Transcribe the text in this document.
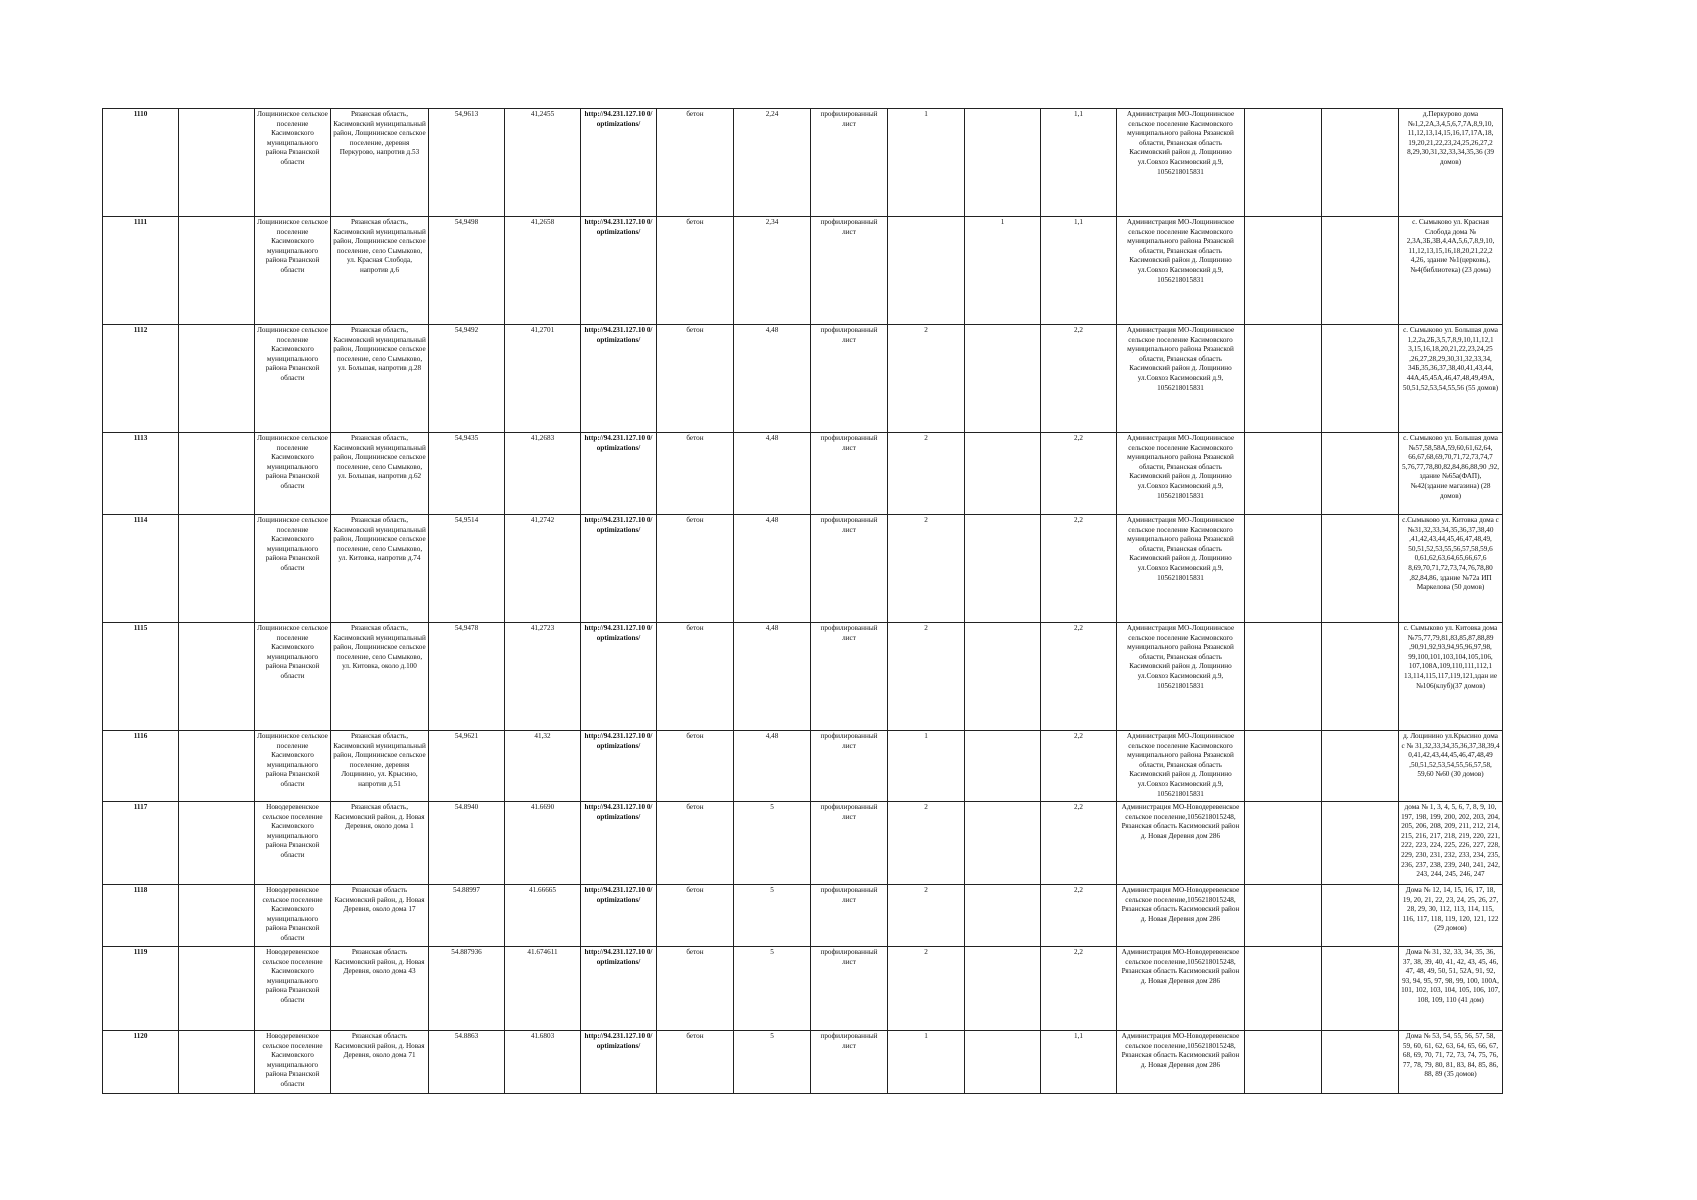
1110		Лощининское сельское поселение Касимовского муниципального района Рязанской области	Рязанская область, Касимовский муниципальный район, Лощининское сельское поселение, деревня Перкурово, напротив д.53	54,9613	41,2455	http://94.231.127.10 0/optimizations/	бетон	2,24	профилированный лист	1		1,1	Администрация МО-Лощининское сельское поселение Касимовского муниципального района Рязанской области, Рязанская область Касимовский район д. Лощинино ул.Совхоз Касимовский д.9, 1056218015831			д.Перкурово дома №1,2,2А,3,4,5,6,7,7А,8,9,10, 11,12,13,14,15,16,17,17А,18, 19,20,21,22,23,24,25,26,27,2 8,29,30,31,32,33,34,35,36 (39 домов)
1111		Лощининское сельское поселение Касимовского муниципального района Рязанской области	Рязанская область, Касимовский муниципальный район, Лощининское сельское поселение, село Сымыково, ул. Красная Слобода, напротив д.6	54,9498	41,2658	http://94.231.127.10 0/optimizations/	бетон	2,34	профилированный лист		1	1,1	Администрация МО-Лощининское сельское поселение Касимовского муниципального района Рязанской области, Рязанская область Касимовский район д. Лощинино ул.Совхоз Касимовский д.9, 1056218015831			с. Сымыково ул. Красная Слобода дома № 2,3А,3Б,3В,4,4А,5,6,7,8,9,10, 11,12,13,15,16,18,20,21,22,2 4,26, здание №1(церковь),№4(библиотека) (23 дома)
1112		Лощининское сельское поселение Касимовского муниципального района Рязанской области	Рязанская область, Касимовский муниципальный район, Лощининское сельское поселение, село Сымыково, ул. Большая, напротив д.28	54,9492	41,2701	http://94.231.127.10 0/optimizations/	бетон	4,48	профилированный лист	2		2,2	Администрация МО-Лощининское сельское поселение Касимовского муниципального района Рязанской области, Рязанская область Касимовский район д. Лощинино ул.Совхоз Касимовский д.9, 1056218015831			с. Сымыково ул. Большая дома 1,2,2а,2Б,3,5,7,8,9,10,11,12,1 3,15,16,18,20,21,22,23,24,25 ,26,27,28,29,30,31,32,33,34, 34Б,35,36,37,38,40,41,43,44, 44А,45,45А,46,47,48,49,49А, 50,51,52,53,54,55,56 (55 домов)
1113		Лощининское сельское поселение Касимовского муниципального района Рязанской области	Рязанская область, Касимовский муниципальный район, Лощининское сельское поселение, село Сымыково, ул. Большая, напротив д.62	54,9435	41,2683	http://94.231.127.10 0/optimizations/	бетон	4,48	профилированный лист	2		2,2	Администрация МО-Лощининское сельское поселение Касимовского муниципального района Рязанской области, Рязанская область Касимовский район д. Лощинино ул.Совхоз Касимовский д.9, 1056218015831			с. Сымыково ул. Большая дома №57,58,58А,59,60,61,62,64, 66,67,68,69,70,71,72,73,74,7 5,76,77,78,80,82,84,86,88,90 ,92, здание №65а(ФАП), №42(здание магазина) (28 домов)
1114		Лощининское сельское поселение Касимовского муниципального района Рязанской области	Рязанская область, Касимовский муниципальный район, Лощининское сельское поселение, село Сымыково, ул. Китовка, напротив д.74	54,9514	41,2742	http://94.231.127.10 0/optimizations/	бетон	4,48	профилированный лист	2		2,2	Администрация МО-Лощининское сельское поселение Касимовского муниципального района Рязанской области, Рязанская область Касимовский район д. Лощинино ул.Совхоз Касимовский д.9, 1056218015831			с.Сымыково ул. Китовка дома с №31,32,33,34,35,36,37,38,40 ,41,42,43,44,45,46,47,48,49, 50,51,52,53,55,56,57,58,59,6 0,61,62,63,64,65,66,67,6 8,69,70,71,72,73,74,76,78,80 ,82,84,86, здание №72а ИП Маркелова (50 домов)
1115		Лощининское сельское поселение Касимовского муниципального района Рязанской области	Рязанская область, Касимовский муниципальный район, Лощининское сельское поселение, село Сымыково, ул. Китовка, около д.100	54,9478	41,2723	http://94.231.127.10 0/optimizations/	бетон	4,48	профилированный лист	2		2,2	Администрация МО-Лощининское сельское поселение Касимовского муниципального района Рязанской области, Рязанская область Касимовский район д. Лощинино ул.Совхоз Касимовский д.9, 1056218015831			с. Сымыково ул. Китовка дома №75,77,79,81,83,85,87,88,89 ,90,91,92,93,94,95,96,97,98, 99,100,101,103,104,105,106, 107,108А,109,110,111,112,1 13,114,115,117,119,121,здан ие №106(клуб)(37 домов)
1116		Лощининское сельское поселение Касимовского муниципального района Рязанской области	Рязанская область, Касимовский муниципальный район, Лощининское сельское поселение, деревня Лощинино, ул. Крысино, напротив д.51	54,9621	41,32	http://94.231.127.10 0/optimizations/	бетон	4,48	профилированный лист	1		2,2	Администрация МО-Лощининское сельское поселение Касимовского муниципального района Рязанской области, Рязанская область Касимовский район д. Лощинино ул.Совхоз Касимовский д.9, 1056218015831			д. Лощинино ул.Крысино дома с № 31,32,33,34,35,36,37,38,39,4 0,41,42,43,44,45,46,47,48,49 ,50,51,52,53,54,55,56,57,58, 59,60 №60 (30 домов)
1117		Новодеревенское сельское поселение Касимовского муниципального района Рязанской области	Рязанская область, Касимовский район, д. Новая Деревня, около дома 1	54.8940	41.6690	http://94.231.127.10 0/optimizations/	бетон	5	профилированный лист	2		2,2	Администрация МО-Новодеревенское сельское поселение,1056218015248, Рязанская область Касимовский район д. Новая Деревня дом 286			дома № 1, 3, 4, 5, 6, 7, 8, 9, 10, 197, 198, 199, 200, 202, 203, 204, 205, 206, 208, 209, 211, 212, 214, 215, 216, 217, 218, 219, 220, 221, 222, 223, 224, 225, 226, 227, 228, 229, 230, 231, 232, 233, 234, 235, 236, 237, 238, 239, 240, 241, 242, 243, 244, 245, 246, 247
1118		Новодеревенское сельское поселение Касимовского муниципального района Рязанской области	Рязанская область Касимовский район, д. Новая Деревня, около дома 17	54.88997	41.66665	http://94.231.127.10 0/optimizations/	бетон	5	профилированный лист	2		2,2	Администрация МО-Новодеревенское сельское поселение,1056218015248, Рязанская область Касимовский район д. Новая Деревня дом 286			Дома № 12, 14, 15, 16, 17, 18, 19, 20, 21, 22, 23, 24, 25, 26, 27, 28, 29, 30, 112, 113, 114, 115, 116, 117, 118, 119, 120, 121, 122 (29 домов)
1119		Новодеревенское сельское поселение Касимовского муниципального района Рязанской области	Рязанская область Касимовский район, д. Новая Деревня, около дома 43	54.887936	41.674611	http://94.231.127.10 0/optimizations/	бетон	5	профилированный лист	2		2,2	Администрация МО-Новодеревенское сельское поселение,1056218015248, Рязанская область Касимовский район д. Новая Деревня дом 286			Дома № 31, 32, 33, 34, 35, 36, 37, 38, 39, 40, 41, 42, 43, 45, 46, 47, 48, 49, 50, 51, 52А, 91, 92, 93, 94, 95, 97, 98, 99, 100, 100А, 101, 102, 103, 104, 105, 106, 107, 108, 109, 110 (41 дом)
1120		Новодеревенское сельское поселение Касимовского муниципального района Рязанской области	Рязанская область Касимовский район, д. Новая Деревня, около дома 71	54.8863	41.6803	http://94.231.127.10 0/optimizations/	бетон	5	профилированный лист	1		1,1	Администрация МО-Новодеревенское сельское поселение,1056218015248, Рязанская область Касимовский район д. Новая Деревня дом 286			Дома № 53, 54, 55, 56, 57, 58, 59, 60, 61, 62, 63, 64, 65, 66, 67, 68, 69, 70, 71, 72, 73, 74, 75, 76, 77, 78, 79, 80, 81, 83, 84, 85, 86, 88, 89 (35 домов)
